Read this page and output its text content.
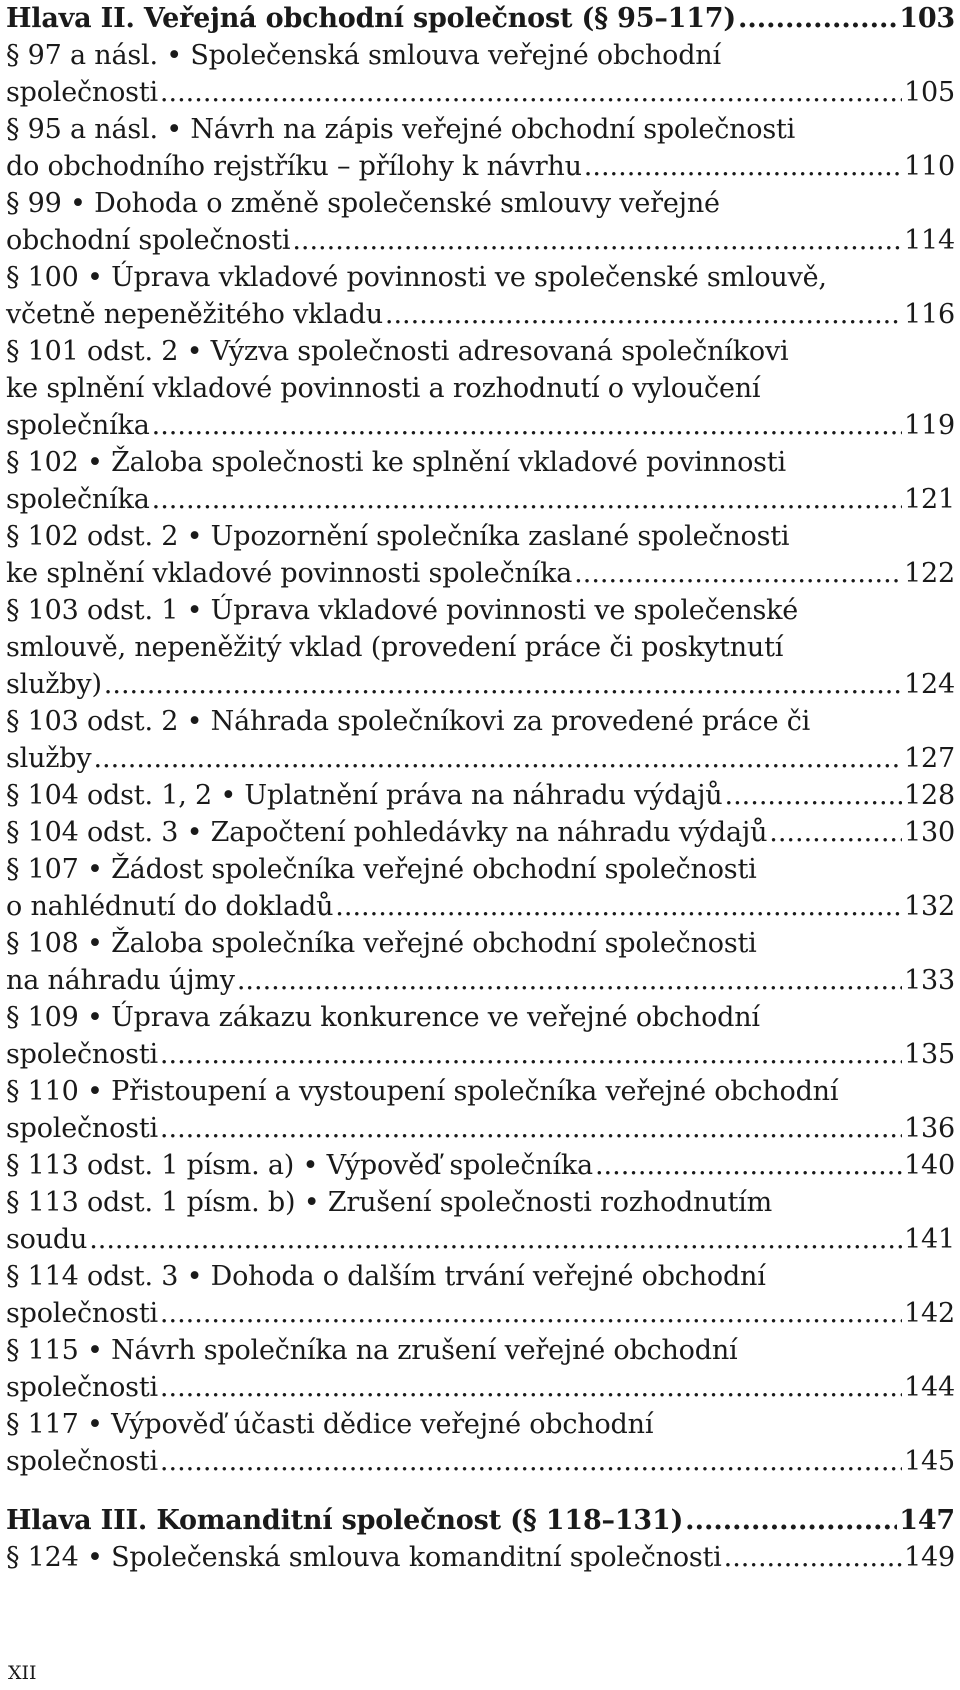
Hlava II. Veřejná obchodní společnost (§ 95–117) .....	103
§ 97 a násl. • Společenská smlouva veřejné obchodní
společnosti .....	105
§ 95 a násl. • Návrh na zápis veřejné obchodní společnosti
do obchodního rejstříku – přílohy k návrhu .....	110
§ 99 • Dohoda o změně společenské smlouvy veřejné
obchodní společnosti .....	114
§ 100 • Úprava vkladové povinnosti ve společenské smlouvě,
včetně nepeněžitého vkladu .....	116
§ 101 odst. 2 • Výzva společnosti adresovaná společníkovi
ke splnění vkladové povinnosti a rozhodnutí o vyloučení
společníka .....	119
§ 102 • Žaloba společnosti ke splnění vkladové povinnosti
společníka .....	121
§ 102 odst. 2 • Upozornění společníka zaslané společnosti
ke splnění vkladové povinnosti společníka .....	122
§ 103 odst. 1 • Úprava vkladové povinnosti ve společenské
smlouvě, nepeněžitý vklad (provedení práce či poskytnutí
služby) .....	124
§ 103 odst. 2 • Náhrada společníkovi za provedené práce či
služby .....	127
§ 104 odst. 1, 2 • Uplatnění práva na náhradu výdajů .....	128
§ 104 odst. 3 • Započtení pohledávky na náhradu výdajů .....	130
§ 107 • Žádost společníka veřejné obchodní společnosti
o nahlédnutí do dokladů .....	132
§ 108 • Žaloba společníka veřejné obchodní společnosti
na náhradu újmy .....	133
§ 109 • Úprava zákazu konkurence ve veřejné obchodní
společnosti .....	135
§ 110 • Přistoupení a vystoupení společníka veřejné obchodní
společnosti .....	136
§ 113 odst. 1 písm. a) • Výpověď společníka .....	140
§ 113 odst. 1 písm. b) • Zrušení společnosti rozhodnutím
soudu .....	141
§ 114 odst. 3 • Dohoda o dalším trvání veřejné obchodní
společnosti .....	142
§ 115 • Návrh společníka na zrušení veřejné obchodní
společnosti .....	144
§ 117 • Výpověď účasti dědice veřejné obchodní
společnosti .....	145
Hlava III. Komanditní společnost (§ 118–131) .....	147
§ 124 • Společenská smlouva komanditní společnosti .....	149
XII
